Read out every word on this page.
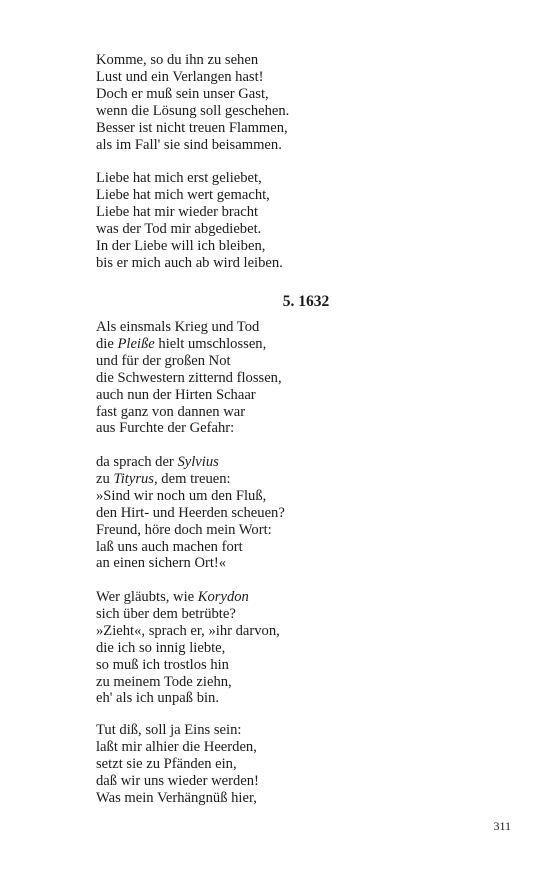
Komme, so du ihn zu sehen
Lust und ein Verlangen hast!
Doch er muß sein unser Gast,
wenn die Lösung soll geschehen.
Besser ist nicht treuen Flammen,
als im Fall' sie sind beisammen.
Liebe hat mich erst geliebet,
Liebe hat mich wert gemacht,
Liebe hat mir wieder bracht
was der Tod mir abgediebet.
In der Liebe will ich bleiben,
bis er mich auch ab wird leiben.
5. 1632
Als einsmals Krieg und Tod
die Pleiße hielt umschlossen,
und für der großen Not
die Schwestern zitternd flossen,
auch nun der Hirten Schaar
fast ganz von dannen war
aus Furchte der Gefahr:
da sprach der Sylvius
zu Tityrus, dem treuen:
»Sind wir noch um den Fluß,
den Hirt- und Heerden scheuen?
Freund, höre doch mein Wort:
laß uns auch machen fort
an einen sichern Ort!«
Wer gläubts, wie Korydon
sich über dem betrübte?
»Zieht«, sprach er, »ihr darvon,
die ich so innig liebte,
so muß ich trostlos hin
zu meinem Tode ziehn,
eh' als ich unpaß bin.
Tut diß, soll ja Eins sein:
laßt mir alhier die Heerden,
setzt sie zu Pfänden ein,
daß wir uns wieder werden!
Was mein Verhängnüß hier,
311
